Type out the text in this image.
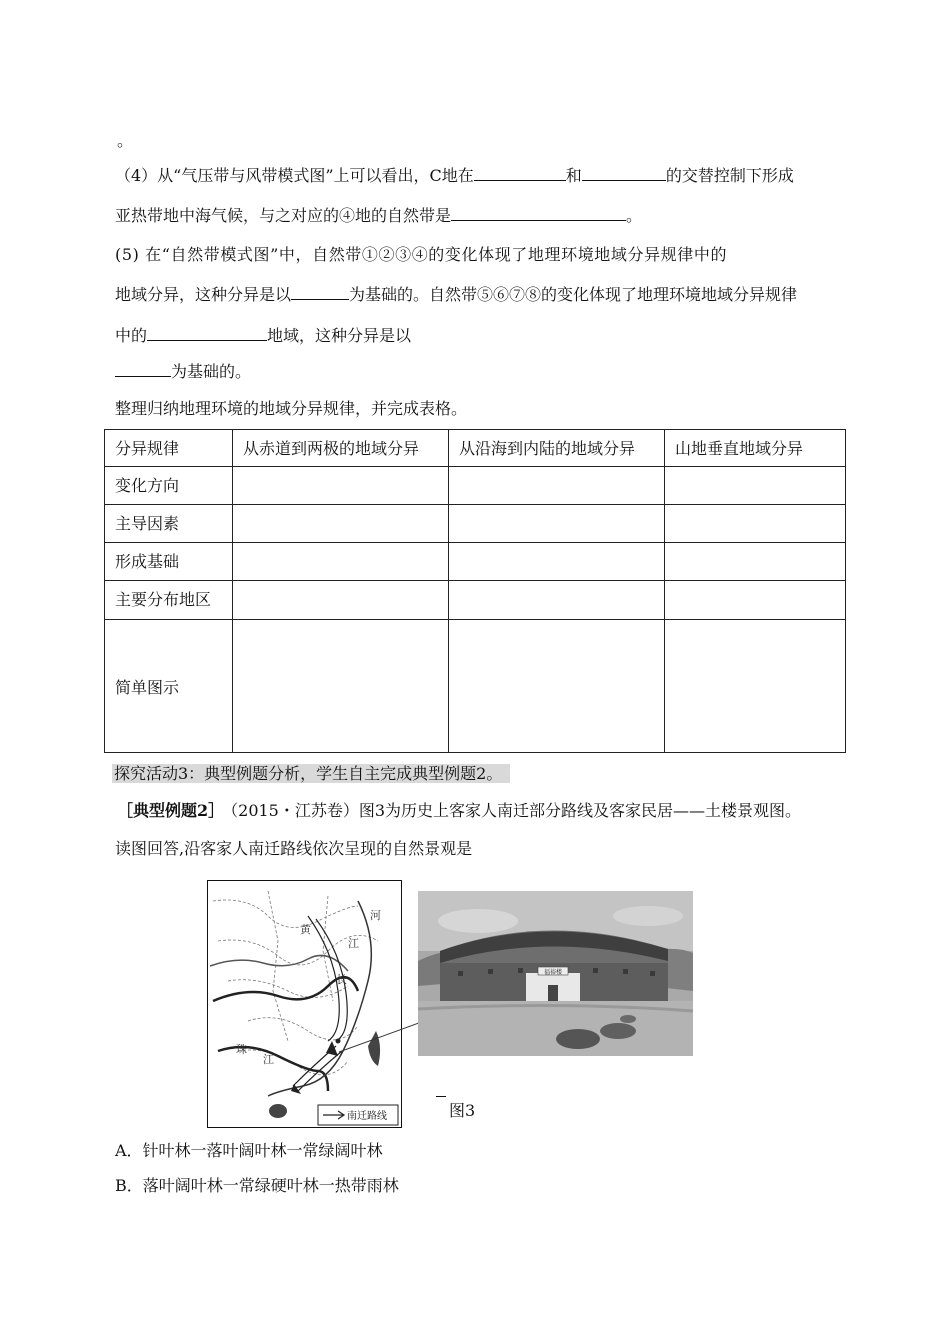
。
（4）从“气压带与风带模式图”上可以看出，C地在	和	的交替控制下形成
亚热带地中海气候，与之对应的④地的自然带是	。
(5) 在“自然带模式图”中，自然带①②③④的变化体现了地理环境地域分异规律中的
地域分异，这种分异是以	为基础的。自然带⑤⑥⑦⑧的变化体现了地理环境地域分异规律
中的	地域，这种分异是以
为基础的。
整理归纳地理环境的地域分异规律，并完成表格。
分异规律	从赤道到两极的地域分异	从沿海到内陆的地域分异	山地垂直地域分异
变化方向			
主导因素			
形成基础			
主要分布地区			
简单图示			
探究活动3：典型例题分析，学生自主完成典型例题2。
［典型例题2］ （2015・江苏卷）图3为历史上客家人南迁部分路线及客家民居——土楼景观图。
读图回答,沿客家人南迁路线依次呈现的自然景观是
南迁路线
河
黄
长
江
江
珠
福裕楼
图3
A．针叶林一落叶阔叶林一常绿阔叶林
B．落叶阔叶林一常绿硬叶林一热带雨林
